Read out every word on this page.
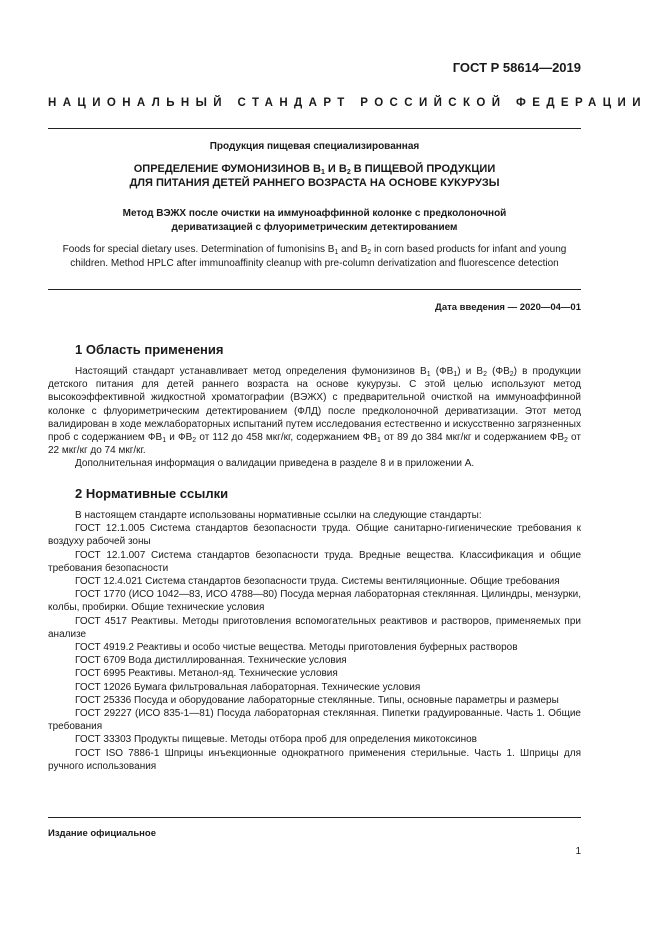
ГОСТ Р 58614—2019
НАЦИОНАЛЬНЫЙ СТАНДАРТ РОССИЙСКОЙ ФЕДЕРАЦИИ
Продукция пищевая специализированная
ОПРЕДЕЛЕНИЕ ФУМОНИЗИНОВ $B_1$ И $B_2$ В ПИЩЕВОЙ ПРОДУКЦИИ
ДЛЯ ПИТАНИЯ ДЕТЕЙ РАННЕГО ВОЗРАСТА НА ОСНОВЕ КУКУРУЗЫ
Метод ВЭЖХ после очистки на иммуноаффинной колонке с предколоночной
дериватизацией с флуориметрическим детектированием
Foods for special dietary uses. Determination of fumonisins $B_1$ and $B_2$ in corn based products for infant and young children. Method HPLC after immunoaffinity cleanup with pre-column derivatization and fluorescence detection
Дата введения — 2020—04—01
1 Область применения

Настоящий стандарт устанавливает метод определения фумонизинов $B_1$ $(ФB_1)$ и $B_2$ $(ФB_2)$ в продукции детского питания для детей раннего возраста на основе кукурузы. С этой целью используют метод высокоэффективной жидкостной хроматографии (ВЭЖХ) с предварительной очисткой на иммуноаффинной колонке с флуориметрическим детектированием (ФЛД) после предколоночной дериватизации. Этот метод валидирован в ходе межлабораторных испытаний путем исследования естественно и искусственно загрязненных проб с содержанием $ФB_1$ и $ФB_2$ от 112 до 458 мкг/кг, содержанием $ФB_1$ от 89 до 384 мкг/кг и содержанием $ФB_2$ от 22 мкг/кг до 74 мкг/кг.

Дополнительная информация о валидации приведена в разделе 8 и в приложении А.

2 Нормативные ссылки

В настоящем стандарте использованы нормативные ссылки на следующие стандарты:

ГОСТ 12.1.005 Система стандартов безопасности труда. Общие санитарно-гигиенические требования к воздуху рабочей зоны

ГОСТ 12.1.007 Система стандартов безопасности труда. Вредные вещества. Классификация и общие требования безопасности

ГОСТ 12.4.021 Система стандартов безопасности труда. Системы вентиляционные. Общие требования

ГОСТ 1770 (ИСО 1042—83, ИСО 4788—80) Посуда мерная лабораторная стеклянная. Цилиндры, мензурки, колбы, пробирки. Общие технические условия

ГОСТ 4517 Реактивы. Методы приготовления вспомогательных реактивов и растворов, применяемых при анализе

ГОСТ 4919.2 Реактивы и особо чистые вещества. Методы приготовления буферных растворов

ГОСТ 6709 Вода дистиллированная. Технические условия

ГОСТ 6995 Реактивы. Метанол-яд. Технические условия

ГОСТ 12026 Бумага фильтровальная лабораторная. Технические условия

ГОСТ 25336 Посуда и оборудование лабораторные стеклянные. Типы, основные параметры и размеры

ГОСТ 29227 (ИСО 835-1—81) Посуда лабораторная стеклянная. Пипетки градуированные. Часть 1. Общие требования

ГОСТ 33303 Продукты пищевые. Методы отбора проб для определения микотоксинов

ГОСТ ISO 7886-1 Шприцы инъекционные однократного применения стерильные. Часть 1. Шприцы для ручного использования

Издание официальное
1
